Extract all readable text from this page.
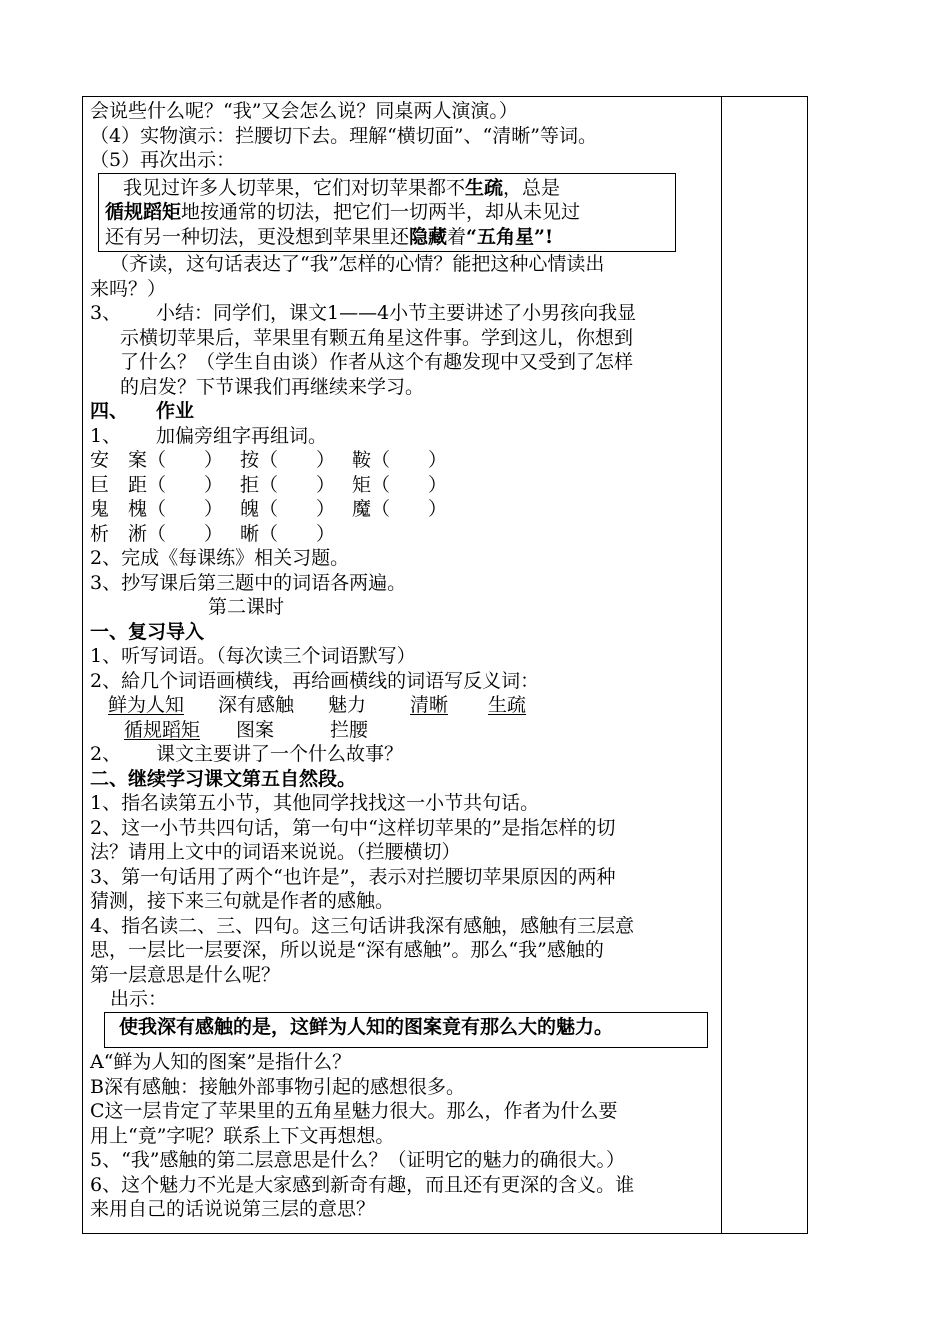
会说些什么呢？“我”又会怎么说？同桌两人演演。）
（4）实物演示：拦腰切下去。理解“横切面”、“清晰”等词。
（5）再次出示：
我见过许多人切苹果，它们对切苹果都不生疏，总是
循规蹈矩地按通常的切法，把它们一切两半，却从未见过
还有另一种切法，更没想到苹果里还隐藏着“五角星”!
（齐读，这句话表达了“我”怎样的心情？能把这种心情读出
来吗？）
3、 小结：同学们，课文1——4小节主要讲述了小男孩向我显
示横切苹果后，苹果里有颗五角星这件事。学到这儿，你想到
了什么？（学生自由谈）作者从这个有趣发现中又受到了怎样
的启发？下节课我们再继续来学习。
四、 作业
1、 加偏旁组字再组词。
安　案（　　） 按（　　） 鞍（　　）
巨　距（　　） 拒（　　） 矩（　　）
鬼　槐（　　） 魄（　　） 魔（　　）
析　淅（　　） 晰（　　）
2、完成《每课练》相关习题。
3、抄写课后第三题中的词语各两遍。
第二课时
一、复习导入
1、听写词语。（每次读三个词语默写）
2、給几个词语画横线，再给画横线的词语写反义词：
鲜为人知 深有感触 魅力 清晰 生疏
循规蹈矩 图案	拦腰
2、 课文主要讲了一个什么故事？
二、继续学习课文第五自然段。
1、指名读第五小节，其他同学找找这一小节共句话。
2、这一小节共四句话，第一句中“这样切苹果的”是指怎样的切
法？请用上文中的词语来说说。（拦腰横切）
3、第一句话用了两个“也许是”，表示对拦腰切苹果原因的两种
猜测，接下来三句就是作者的感触。
4、指名读二、三、四句。这三句话讲我深有感触，感触有三层意
思，一层比一层要深，所以说是“深有感触”。那么“我”感触的
第一层意思是什么呢？
出示：
使我深有感触的是，这鲜为人知的图案竟有那么大的魅力。
A“鲜为人知的图案”是指什么？
B深有感触：接触外部事物引起的感想很多。
C这一层肯定了苹果里的五角星魅力很大。那么，作者为什么要
用上“竟”字呢？联系上下文再想想。
5、“我”感触的第二层意思是什么？（证明它的魅力的确很大。）
6、这个魅力不光是大家感到新奇有趣，而且还有更深的含义。谁
来用自己的话说说第三层的意思？
